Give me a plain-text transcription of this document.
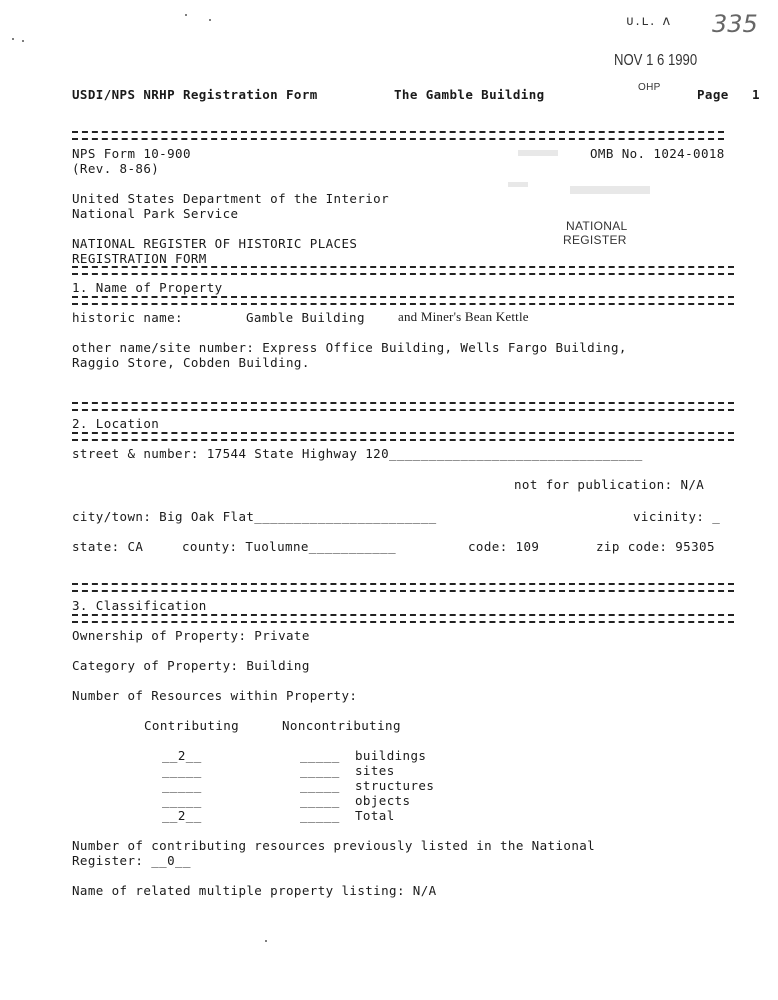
ᴜ.ʟ. ᴧ 335
NOV 1 6 1990
OHP
USDI/NPS NRHP Registration Form	The Gamble Building	Page 1
NPS Form 10-900
(Rev. 8-86)
OMB No. 1024-0018
United States Department of the Interior
National Park Service
NATIONAL
REGISTER
NATIONAL REGISTER OF HISTORIC PLACES
REGISTRATION FORM
1. Name of Property
historic name:	Gamble Building	and Miner's Bean Kettle
other name/site number: Express Office Building, Wells Fargo Building,
Raggio Store, Cobden Building.
2. Location
street & number: 17544 State Highway 120________________________________
not for publication: N/A
city/town: Big Oak Flat_______________________	vicinity: _
state: CA	county: Tuolumne___________	code: 109	zip code: 95305
3. Classification
Ownership of Property: Private
Category of Property: Building
Number of Resources within Property:
Contributing	Noncontributing
__2__	_____ buildings
_____	_____ sites
_____	_____ structures
_____	_____ objects
__2__	_____ Total
Number of contributing resources previously listed in the National
Register: __0__
Name of related multiple property listing: N/A
